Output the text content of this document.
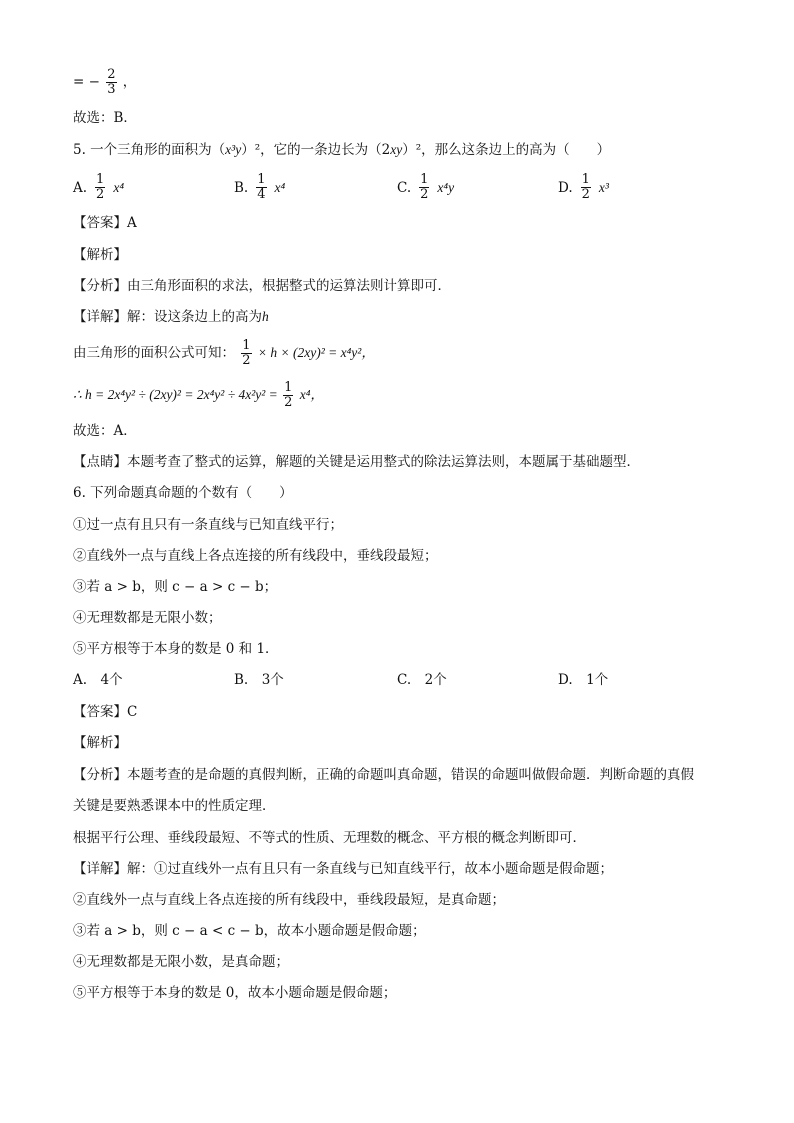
= − $\frac{2}{3}$ ，
故选：B．
5. 一个三角形的面积为（x³y）²，它的一条边长为（2xy）²，那么这条边上的高为（　　）
A. $\frac{1}{2} x^4$	B. $\frac{1}{4} x^4$	C. $\frac{1}{2} x^4y$	D. $\frac{1}{2} x^3$
【答案】A
【解析】
【分析】由三角形面积的求法，根据整式的运算法则计算即可．
【详解】解：设这条边上的高为h
由三角形的面积公式可知： $\frac{1}{2} \times h \times (2xy)^2 = x^4y^2$，
∴ $h = 2x^4y^2 \div (2xy)^2 = 2x^4y^2 \div 4x^2y^2 = \frac{1}{2} x^4$，
故选：A．
【点睛】本题考查了整式的运算，解题的关键是运用整式的除法运算法则，本题属于基础题型．
6. 下列命题真命题的个数有（　　）
①过一点有且只有一条直线与已知直线平行；
②直线外一点与直线上各点连接的所有线段中，垂线段最短；
③若 a > b，则 c − a > c − b；
④无理数都是无限小数；
⑤平方根等于本身的数是 0 和 1．
A.　4个	B.　3个	C.　2个	D.　1个
【答案】C
【解析】
【分析】本题考查的是命题的真假判断，正确的命题叫真命题，错误的命题叫做假命题．判断命题的真假
关键是要熟悉课本中的性质定理．
根据平行公理、垂线段最短、不等式的性质、无理数的概念、平方根的概念判断即可．
【详解】解：①过直线外一点有且只有一条直线与已知直线平行，故本小题命题是假命题；
②直线外一点与直线上各点连接的所有线段中，垂线段最短，是真命题；
③若 a > b，则 c − a < c − b，故本小题命题是假命题；
④无理数都是无限小数，是真命题；
⑤平方根等于本身的数是 0，故本小题命题是假命题；
